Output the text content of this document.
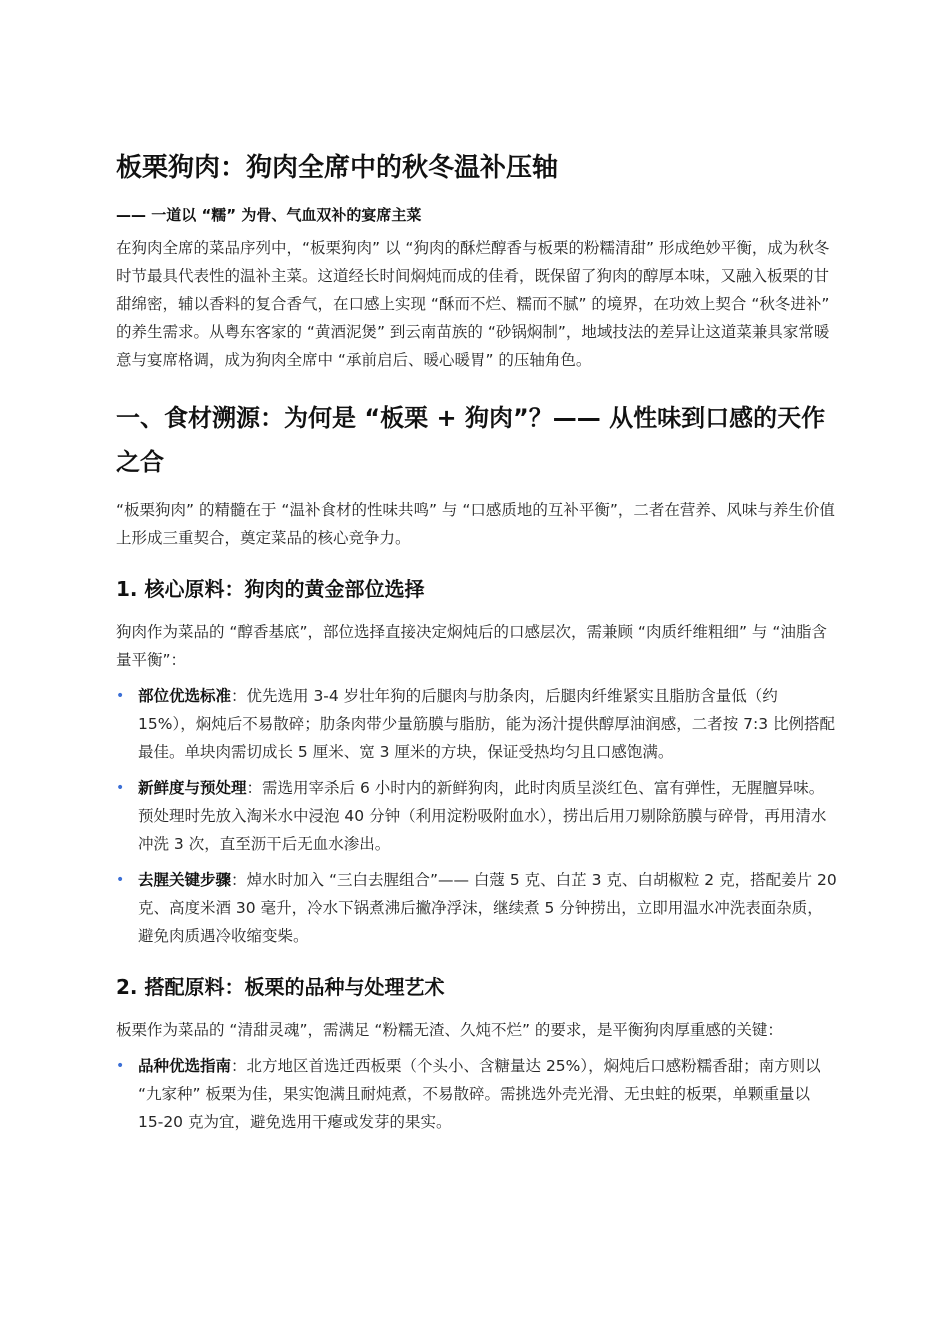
板栗狗肉：狗肉全席中的秋冬温补压轴

—— 一道以 “糯” 为骨、气血双补的宴席主菜

在狗肉全席的菜品序列中，“板栗狗肉” 以 “狗肉的酥烂醇香与板栗的粉糯清甜” 形成绝妙平衡，成为秋冬时节最具代表性的温补主菜。这道经长时间焖炖而成的佳肴，既保留了狗肉的醇厚本味，又融入板栗的甘甜绵密，辅以香料的复合香气，在口感上实现 “酥而不烂、糯而不腻” 的境界，在功效上契合 “秋冬进补” 的养生需求。从粤东客家的 “黄酒泥煲” 到云南苗族的 “砂锅焖制”，地域技法的差异让这道菜兼具家常暖意与宴席格调，成为狗肉全席中 “承前启后、暖心暖胃” 的压轴角色。

一、食材溯源：为何是 “板栗 + 狗肉”？—— 从性味到口感的天作之合

“板栗狗肉” 的精髓在于 “温补食材的性味共鸣” 与 “口感质地的互补平衡”，二者在营养、风味与养生价值上形成三重契合，奠定菜品的核心竞争力。

1. 核心原料：狗肉的黄金部位选择

狗肉作为菜品的 “醇香基底”，部位选择直接决定焖炖后的口感层次，需兼顾 “肉质纤维粗细” 与 “油脂含量平衡”：

• 部位优选标准：优先选用 3-4 岁壮年狗的后腿肉与肋条肉，后腿肉纤维紧实且脂肪含量低（约 15%），焖炖后不易散碎；肋条肉带少量筋膜与脂肪，能为汤汁提供醇厚油润感，二者按 7:3 比例搭配最佳。单块肉需切成长 5 厘米、宽 3 厘米的方块，保证受热均匀且口感饱满。
• 新鲜度与预处理：需选用宰杀后 6 小时内的新鲜狗肉，此时肉质呈淡红色、富有弹性，无腥膻异味。预处理时先放入淘米水中浸泡 40 分钟（利用淀粉吸附血水），捞出后用刀剔除筋膜与碎骨，再用清水冲洗 3 次，直至沥干后无血水渗出。
• 去腥关键步骤：焯水时加入 “三白去腥组合”—— 白蔻 5 克、白芷 3 克、白胡椒粒 2 克，搭配姜片 20 克、高度米酒 30 毫升，冷水下锅煮沸后撇净浮沫，继续煮 5 分钟捞出，立即用温水冲洗表面杂质，避免肉质遇冷收缩变柴。
2. 搭配原料：板栗的品种与处理艺术

板栗作为菜品的 “清甜灵魂”，需满足 “粉糯无渣、久炖不烂” 的要求，是平衡狗肉厚重感的关键：

• 品种优选指南：北方地区首选迁西板栗（个头小、含糖量达 25%），焖炖后口感粉糯香甜；南方则以 “九家种” 板栗为佳，果实饱满且耐炖煮，不易散碎。需挑选外壳光滑、无虫蛀的板栗，单颗重量以 15-20 克为宜，避免选用干瘪或发芽的果实。
